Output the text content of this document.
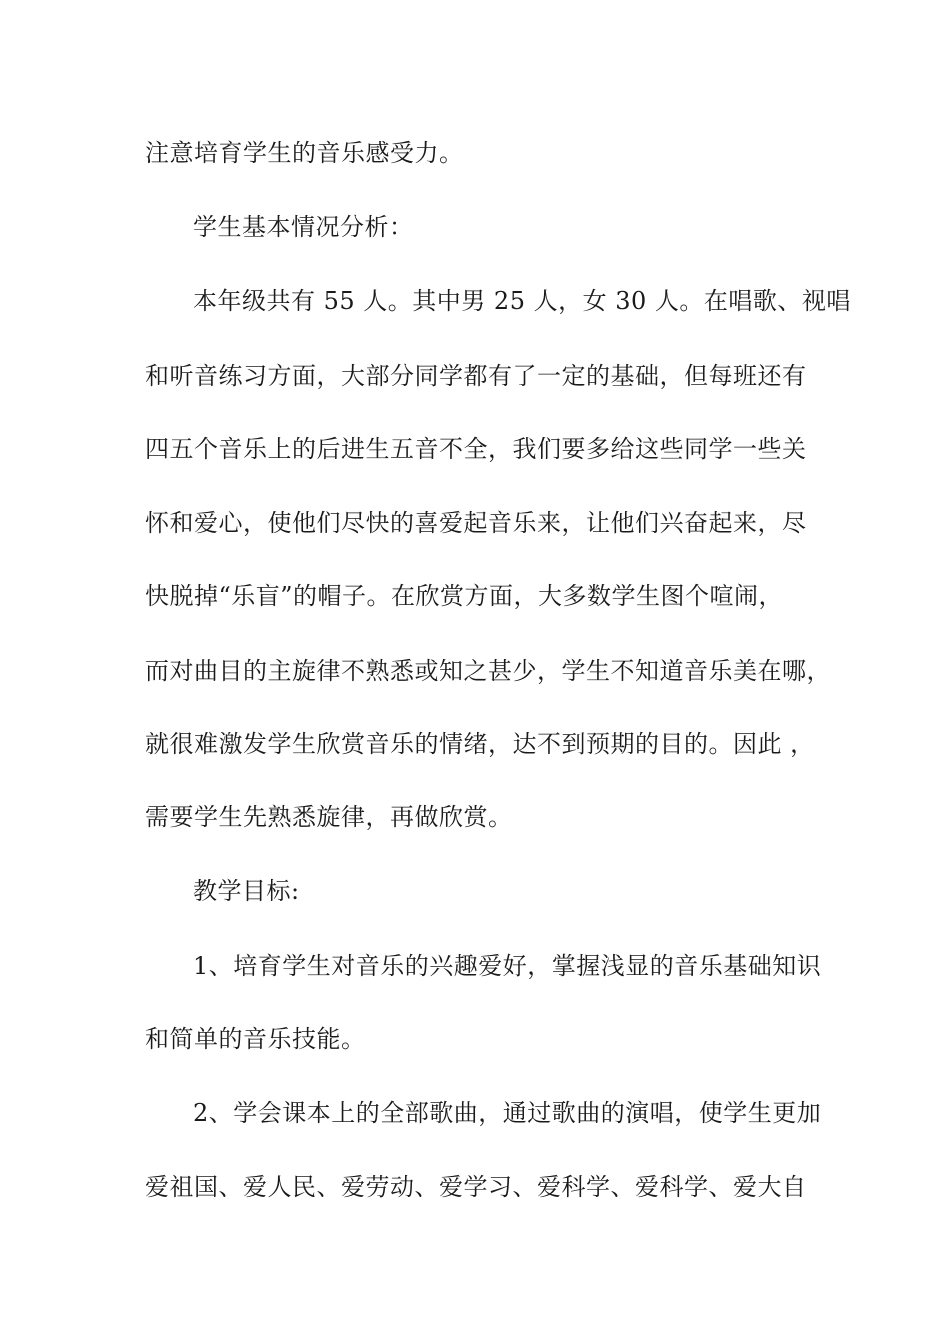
注意培育学生的音乐感受力。
学生基本情况分析：
本年级共有 55 人。其中男 25 人，女 30 人。在唱歌、视唱
和听音练习方面，大部分同学都有了一定的基础，但每班还有
四五个音乐上的后进生五音不全，我们要多给这些同学一些关
怀和爱心，使他们尽快的喜爱起音乐来，让他们兴奋起来，尽
快脱掉“乐盲”的帽子。在欣赏方面，大多数学生图个喧闹，
而对曲目的主旋律不熟悉或知之甚少，学生不知道音乐美在哪，
就很难激发学生欣赏音乐的情绪，达不到预期的目的。因此 ，
需要学生先熟悉旋律，再做欣赏。
教学目标:
1、培育学生对音乐的兴趣爱好，掌握浅显的音乐基础知识
和简单的音乐技能。
2、学会课本上的全部歌曲，通过歌曲的演唱，使学生更加
爱祖国、爱人民、爱劳动、爱学习、爱科学、爱科学、爱大自
